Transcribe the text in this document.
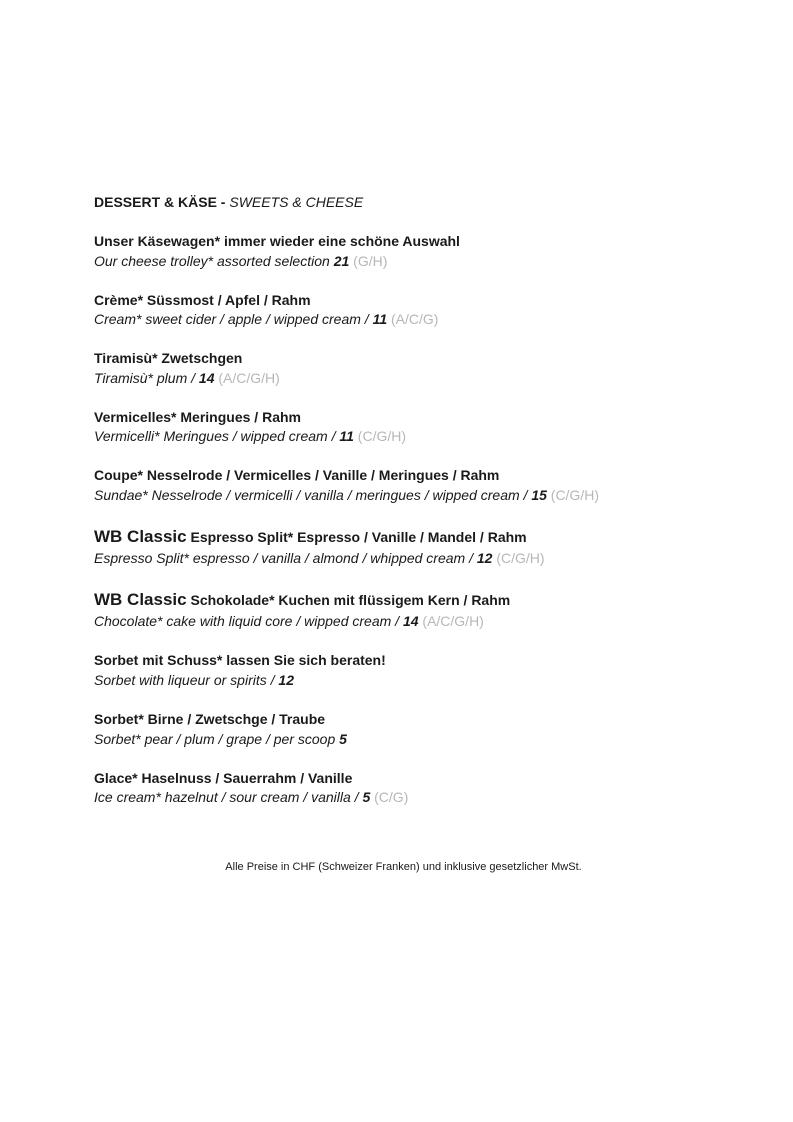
DESSERT & KÄSE - SWEETS & CHEESE
Unser Käsewagen* immer wieder eine schöne Auswahl
Our cheese trolley* assorted selection 21 (G/H)
Crème* Süssmost / Apfel / Rahm
Cream* sweet cider / apple / wipped cream / 11 (A/C/G)
Tiramisù* Zwetschgen
Tiramisù* plum / 14 (A/C/G/H)
Vermicelles* Meringues / Rahm
Vermicelli* Meringues / wipped cream / 11 (C/G/H)
Coupe* Nesselrode / Vermicelles / Vanille / Meringues / Rahm
Sundae* Nesselrode / vermicelli / vanilla / meringues / wipped cream / 15 (C/G/H)
WB Classic Espresso Split* Espresso / Vanille / Mandel / Rahm
Espresso Split* espresso / vanilla / almond / whipped cream / 12 (C/G/H)
WB Classic Schokolade* Kuchen mit flüssigem Kern / Rahm
Chocolate* cake with liquid core / wipped cream / 14 (A/C/G/H)
Sorbet mit Schuss* lassen Sie sich beraten!
Sorbet with liqueur or spirits / 12
Sorbet* Birne / Zwetschge / Traube
Sorbet* pear / plum / grape / per scoop 5
Glace* Haselnuss / Sauerrahm / Vanille
Ice cream* hazelnut / sour cream / vanilla / 5 (C/G)
Alle Preise in CHF (Schweizer Franken) und inklusive gesetzlicher MwSt.
